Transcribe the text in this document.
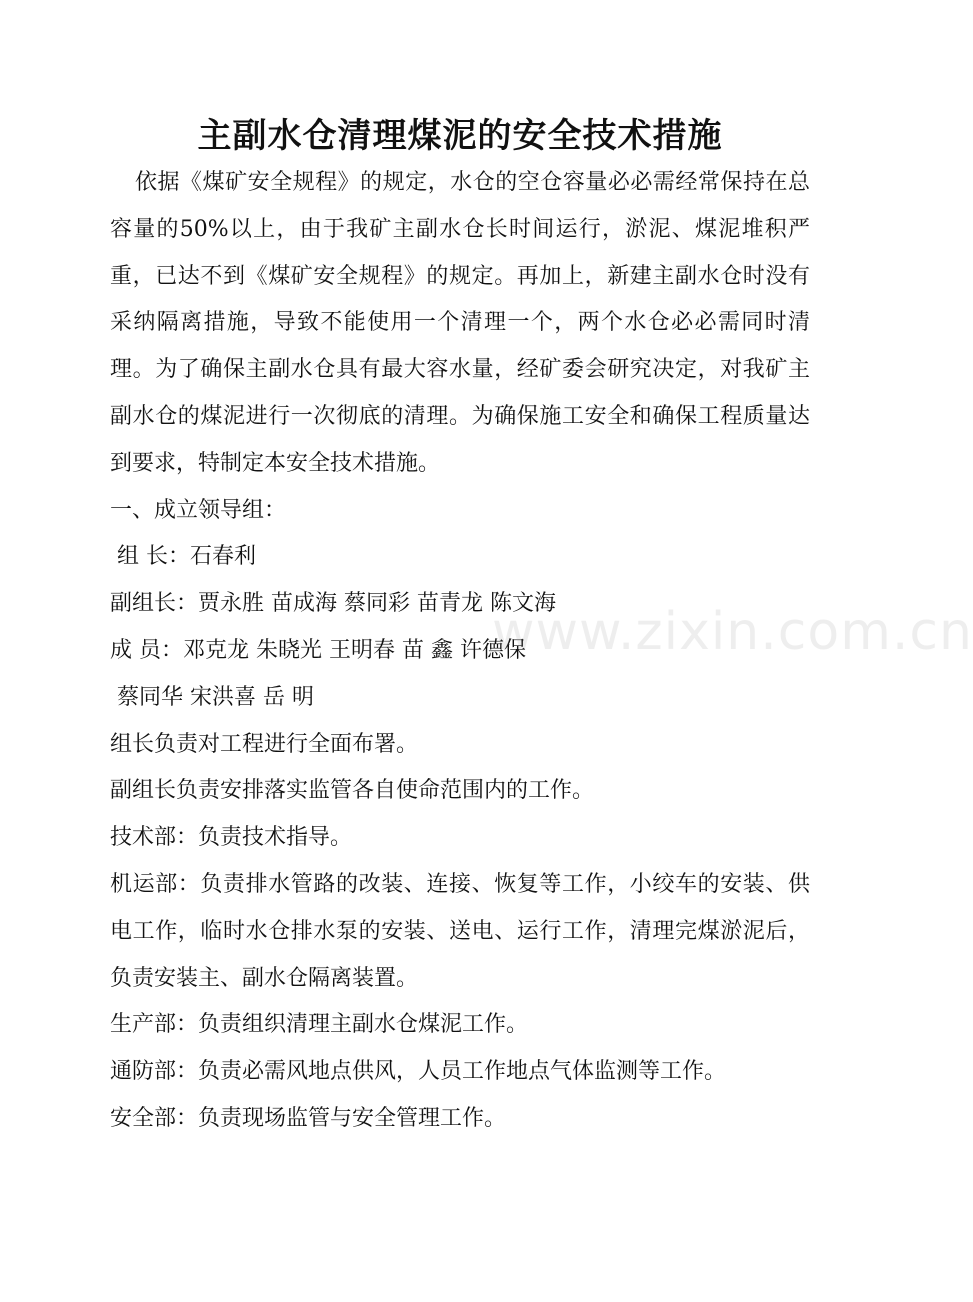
主副水仓清理煤泥的安全技术措施

依据《煤矿安全规程》的规定，水仓的空仓容量必必需经常保持在总容量的50%以上，由于我矿主副水仓长时间运行，淤泥、煤泥堆积严重，已达不到《煤矿安全规程》的规定。再加上，新建主副水仓时没有采纳隔离措施，导致不能使用一个清理一个，两个水仓必必需同时清理。为了确保主副水仓具有最大容水量，经矿委会研究决定，对我矿主副水仓的煤泥进行一次彻底的清理。为确保施工安全和确保工程质量达到要求，特制定本安全技术措施。

一、成立领导组：

组 长：石春利

副组长：贾永胜 苗成海 蔡同彩 苗青龙 陈文海

成 员：邓克龙 朱晓光 王明春 苗 鑫 许德保

蔡同华 宋洪喜 岳 明

组长负责对工程进行全面布署。

副组长负责安排落实监管各自使命范围内的工作。

技术部：负责技术指导。

机运部：负责排水管路的改装、连接、恢复等工作，小绞车的安装、供电工作，临时水仓排水泵的安装、送电、运行工作，清理完煤淤泥后，负责安装主、副水仓隔离装置。

生产部：负责组织清理主副水仓煤泥工作。

通防部：负责必需风地点供风，人员工作地点气体监测等工作。

安全部：负责现场监管与安全管理工作。

www.zixin.com.cn
